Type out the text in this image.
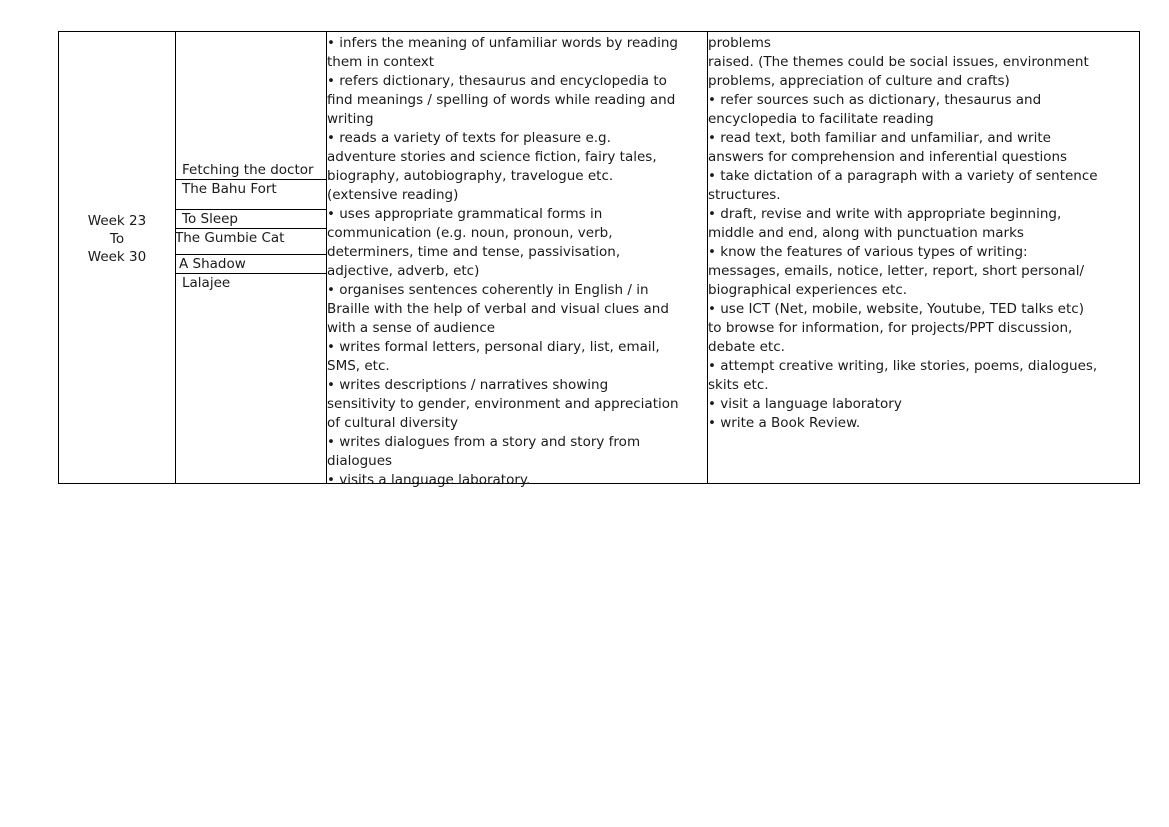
Week 23
To
Week 30
Fetching the doctor
The Bahu Fort
To Sleep
The Gumbie Cat
A Shadow
Lalajee
• infers the meaning of unfamiliar words by reading
them in context
• refers dictionary, thesaurus and encyclopedia to
find meanings / spelling of words while reading and
writing
• reads a variety of texts for pleasure e.g.
adventure stories and science fiction, fairy tales,
biography, autobiography, travelogue etc.
(extensive reading)
• uses appropriate grammatical forms in
communication (e.g. noun, pronoun, verb,
determiners, time and tense, passivisation,
adjective, adverb, etc)
• organises sentences coherently in English / in
Braille with the help of verbal and visual clues and
with a sense of audience
• writes formal letters, personal diary, list, email,
SMS, etc.
• writes descriptions / narratives showing
sensitivity to gender, environment and appreciation
of cultural diversity
• writes dialogues from a story and story from
dialogues
• visits a language laboratory.
problems
raised. (The themes could be social issues, environment
problems, appreciation of culture and crafts)
• refer sources such as dictionary, thesaurus and
encyclopedia to facilitate reading
• read text, both familiar and unfamiliar, and write
answers for comprehension and inferential questions
• take dictation of a paragraph with a variety of sentence
structures.
• draft, revise and write with appropriate beginning,
middle and end, along with punctuation marks
• know the features of various types of writing:
messages, emails, notice, letter, report, short personal/
biographical experiences etc.
• use ICT (Net, mobile, website, Youtube, TED talks etc)
to browse for information, for projects/PPT discussion,
debate etc.
• attempt creative writing, like stories, poems, dialogues,
skits etc.
• visit a language laboratory
• write a Book Review.
